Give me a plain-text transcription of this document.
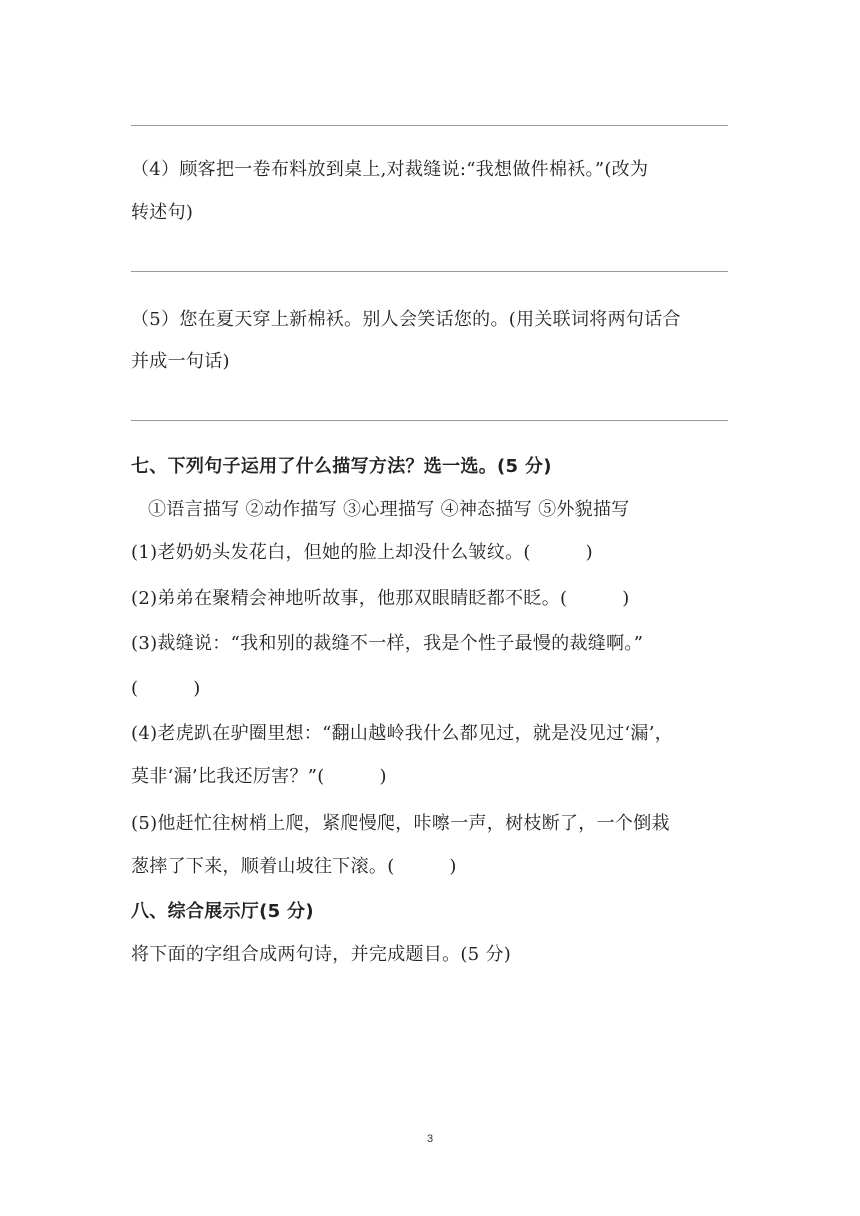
（4）顾客把一卷布料放到桌上,对裁缝说:“我想做件棉袄。”(改为
转述句)
（5）您在夏天穿上新棉袄。别人会笑话您的。(用关联词将两句话合
并成一句话)
七、下列句子运用了什么描写方法？选一选。(5 分)
①语言描写 ②动作描写 ③心理描写 ④神态描写 ⑤外貌描写
(1)老奶奶头发花白，但她的脸上却没什么皱纹。(　　　)
(2)弟弟在聚精会神地听故事，他那双眼睛眨都不眨。(　　　)
(3)裁缝说：“我和别的裁缝不一样，我是个性子最慢的裁缝啊。”
(　　　)
(4)老虎趴在驴圈里想：“翻山越岭我什么都见过，就是没见过‘漏’，
莫非‘漏’比我还厉害？”(　　　)
(5)他赶忙往树梢上爬，紧爬慢爬，咔嚓一声，树枝断了，一个倒栽
葱摔了下来，顺着山坡往下滚。(　　　)
八、综合展示厅(5 分)
将下面的字组合成两句诗，并完成题目。(5 分)
3
